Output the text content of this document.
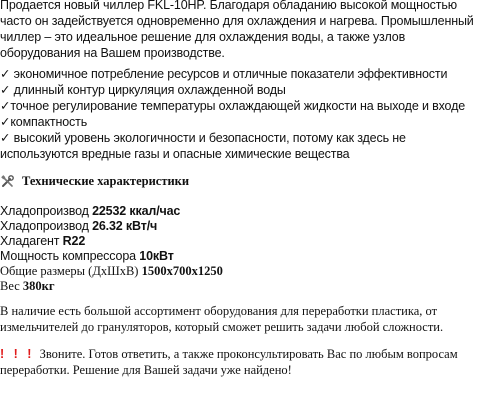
Продается новый чиллер FKL-10HP. Благодаря обладанию высокой мощностью часто он задействуется одновременно для охлаждения и нагрева. Промышленный чиллер – это идеальное решение для охлаждения воды, а также узлов оборудования на Вашем производстве.

✓ экономичное потребление ресурсов и отличные показатели эффективности

✓ длинный контур циркуляция охлажденной воды

✓точное регулирование температуры охлаждающей жидкости на выходе и входе

✓компактность

✓ высокий уровень экологичности и безопасности, потому как здесь не используются вредные газы и опасные химические вещества

Технические характеристики

Хладопроизвод 22532 ккал/час

Хладопроизвод 26.32 кВт/ч

Хладагент R22

Мощность компрессора 10кВт

Общие размеры (ДхШхВ) 1500х700х1250

Вес 380кг

В наличие есть большой ассортимент оборудования для переработки пластика, от измельчителей до грануляторов, который сможет решить задачи любой сложности.

! ! ! Звоните. Готов ответить, а также проконсультировать Вас по любым вопросам переработки. Решение для Вашей задачи уже найдено!
